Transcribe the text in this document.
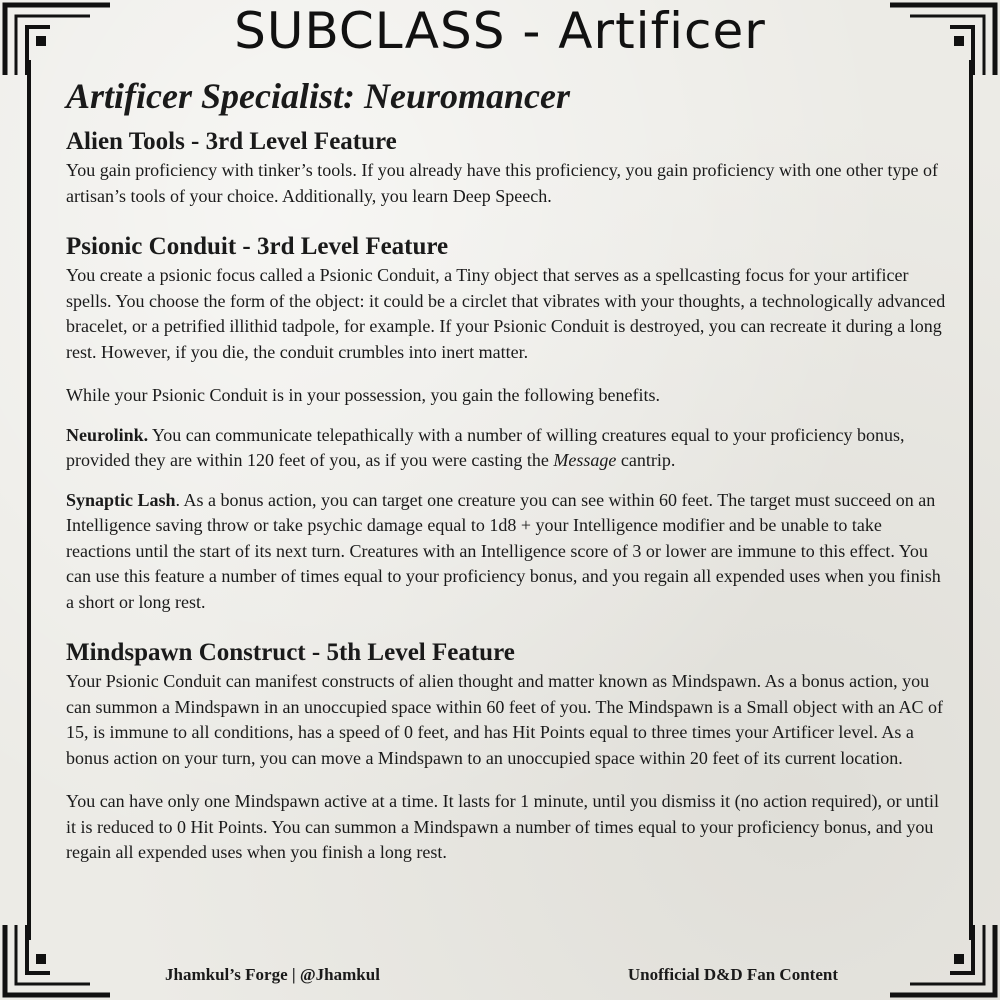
SUBCLASS - Artificer
Artificer Specialist: Neuromancer
Alien Tools - 3rd Level Feature

You gain proficiency with tinker’s tools. If you already have this proficiency, you gain proficiency with one other type of artisan’s tools of your choice. Additionally, you learn Deep Speech.

Psionic Conduit - 3rd Level Feature

You create a psionic focus called a Psionic Conduit, a Tiny object that serves as a spellcasting focus for your artificer spells. You choose the form of the object: it could be a circlet that vibrates with your thoughts, a technologically advanced bracelet, or a petrified illithid tadpole, for example. If your Psionic Conduit is destroyed, you can recreate it during a long rest. However, if you die, the conduit crumbles into inert matter.

While your Psionic Conduit is in your possession, you gain the following benefits.

Neurolink. You can communicate telepathically with a number of willing creatures equal to your proficiency bonus, provided they are within 120 feet of you, as if you were casting the Message cantrip.

Synaptic Lash. As a bonus action, you can target one creature you can see within 60 feet. The target must succeed on an Intelligence saving throw or take psychic damage equal to 1d8 + your Intelligence modifier and be unable to take reactions until the start of its next turn. Creatures with an Intelligence score of 3 or lower are immune to this effect. You can use this feature a number of times equal to your proficiency bonus, and you regain all expended uses when you finish a short or long rest.

Mindspawn Construct - 5th Level Feature

Your Psionic Conduit can manifest constructs of alien thought and matter known as Mindspawn. As a bonus action, you can summon a Mindspawn in an unoccupied space within 60 feet of you. The Mindspawn is a Small object with an AC of 15, is immune to all conditions, has a speed of 0 feet, and has Hit Points equal to three times your Artificer level. As a bonus action on your turn, you can move a Mindspawn to an unoccupied space within 20 feet of its current location.

You can have only one Mindspawn active at a time. It lasts for 1 minute, until you dismiss it (no action required), or until it is reduced to 0 Hit Points. You can summon a Mindspawn a number of times equal to your proficiency bonus, and you regain all expended uses when you finish a long rest.

Jhamkul’s Forge | @Jhamkul	Unofficial D&D Fan Content
